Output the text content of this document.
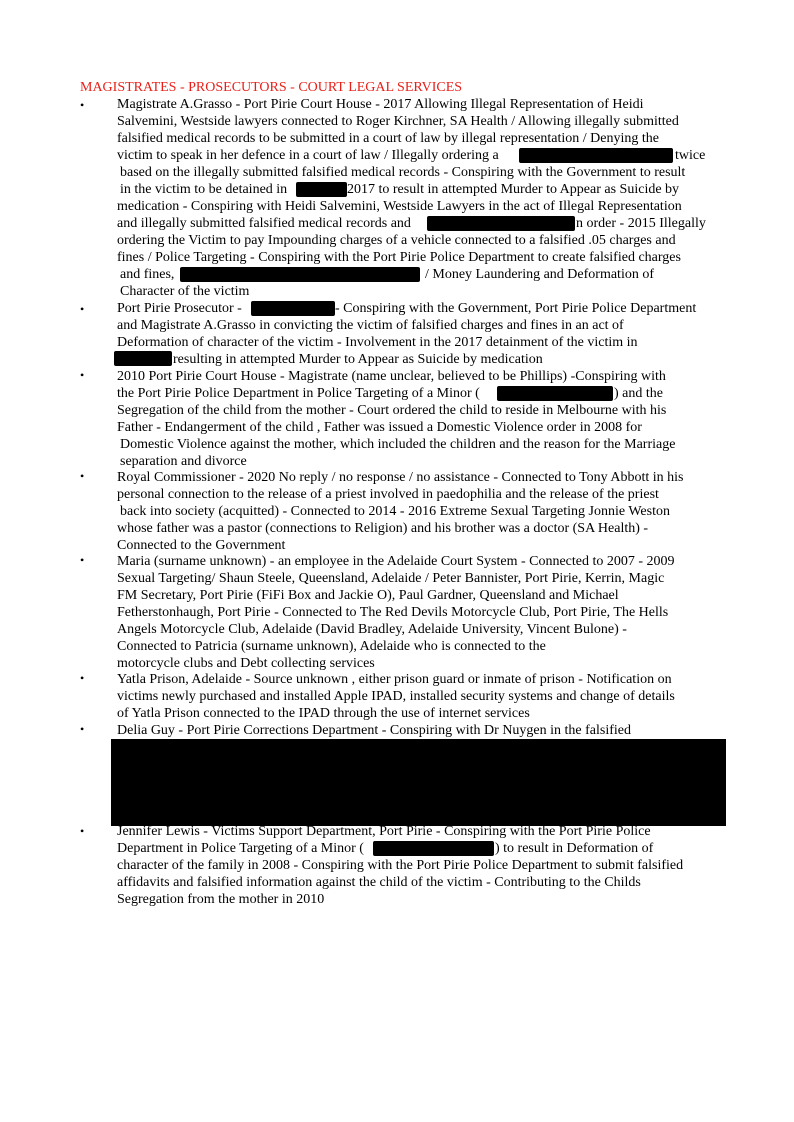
MAGISTRATES - PROSECUTORS - COURT LEGAL SERVICES
•
•
•
•
•
•
•
•
Magistrate A.Grasso - Port Pirie Court House - 2017 Allowing Illegal Representation of Heidi
Salvemini, Westside lawyers connected to Roger Kirchner, SA Health / Allowing illegally submitted
falsified medical records to be submitted in a court of law by illegal representation / Denying the
victim to speak in her defence in a court of law / Illegally ordering a	twice
based on the illegally submitted falsified medical records - Conspiring with the Government to result
in the victim to be detained in	2017 to result in attempted Murder to Appear as Suicide by
medication - Conspiring with Heidi Salvemini, Westside Lawyers in the act of Illegal Representation
and illegally submitted falsified medical records and	n order - 2015 Illegally
ordering the Victim to pay Impounding charges of a vehicle connected to a falsified .05 charges and
fines / Police Targeting - Conspiring with the Port Pirie Police Department to create falsified charges
and fines,	/ Money Laundering and Deformation of
Character of the victim
Port Pirie Prosecutor -	- Conspiring with the Government, Port Pirie Police Department
and Magistrate A.Grasso in convicting the victim of falsified charges and fines in an act of
Deformation of character of the victim - Involvement in the 2017 detainment of the victim in
resulting in attempted Murder to Appear as Suicide by medication
2010 Port Pirie Court House - Magistrate (name unclear, believed to be Phillips) -Conspiring with
the Port Pirie Police Department in Police Targeting of a Minor (	) and the
Segregation of the child from the mother - Court ordered the child to reside in Melbourne with his
Father - Endangerment of the child , Father was issued a Domestic Violence order in 2008 for
Domestic Violence against the mother, which included the children and the reason for the Marriage
separation and divorce
Royal Commissioner - 2020 No reply / no response / no assistance - Connected to Tony Abbott in his
personal connection to the release of a priest involved in paedophilia and the release of the priest
back into society (acquitted) - Connected to 2014 - 2016 Extreme Sexual Targeting Jonnie Weston
whose father was a pastor (connections to Religion) and his brother was a doctor (SA Health) -
Connected to the Government
Maria (surname unknown) - an employee in the Adelaide Court System - Connected to 2007 - 2009
Sexual Targeting/ Shaun Steele, Queensland, Adelaide / Peter Bannister, Port Pirie, Kerrin, Magic
FM Secretary, Port Pirie (FiFi Box and Jackie O), Paul Gardner, Queensland and Michael
Fetherstonhaugh, Port Pirie - Connected to The Red Devils Motorcycle Club, Port Pirie, The Hells
Angels Motorcycle Club, Adelaide (David Bradley, Adelaide University, Vincent Bulone) -
Connected to Patricia (surname unknown), Adelaide who is connected to the
motorcycle clubs and Debt collecting services
Yatla Prison, Adelaide - Source unknown , either prison guard or inmate of prison - Notification on
victims newly purchased and installed Apple IPAD, installed security systems and change of details
of Yatla Prison connected to the IPAD through the use of internet services
Delia Guy - Port Pirie Corrections Department - Conspiring with Dr Nuygen in the falsified
Jennifer Lewis - Victims Support Department, Port Pirie - Conspiring with the Port Pirie Police
Department in Police Targeting of a Minor (	) to result in Deformation of
character of the family in 2008 - Conspiring with the Port Pirie Police Department to submit falsified
affidavits and falsified information against the child of the victim - Contributing to the Childs
Segregation from the mother in 2010
